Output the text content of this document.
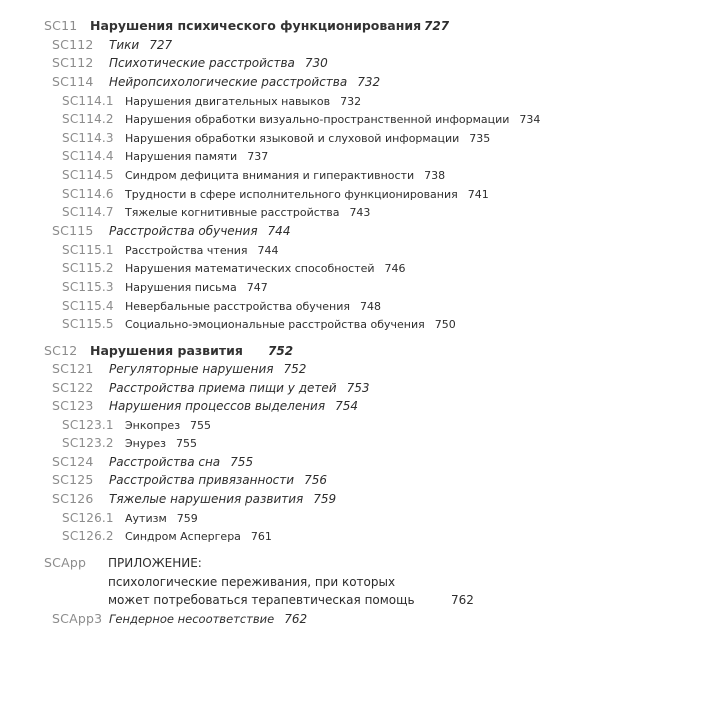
SC11 Нарушения психического функционирования 727
SC112 Тики 727
SC112 Психотические расстройства 730
SC114 Нейропсихологические расстройства 732
SC114.1 Нарушения двигательных навыков 732
SC114.2 Нарушения обработки визуально-пространственной информации 734
SC114.3 Нарушения обработки языковой и слуховой информации 735
SC114.4 Нарушения памяти 737
SC114.5 Синдром дефицита внимания и гиперактивности 738
SC114.6 Трудности в сфере исполнительного функционирования 741
SC114.7 Тяжелые когнитивные расстройства 743
SC115 Расстройства обучения 744
SC115.1 Расстройства чтения 744
SC115.2 Нарушения математических способностей 746
SC115.3 Нарушения письма 747
SC115.4 Невербальные расстройства обучения 748
SC115.5 Социально-эмоциональные расстройства обучения 750
SC12 Нарушения развития 752
SC121 Регуляторные нарушения 752
SC122 Расстройства приема пищи у детей 753
SC123 Нарушения процессов выделения 754
SC123.1 Энкопрез 755
SC123.2 Энурез 755
SC124 Расстройства сна 755
SC125 Расстройства привязанности 756
SC126 Тяжелые нарушения развития 759
SC126.1 Аутизм 759
SC126.2 Синдром Аспергера 761
SCApp ПРИЛОЖЕНИЕ:
психологические переживания, при которых
может потребоваться терапевтическая помощь	762
SCApp3 Гендерное несоответствие 762
